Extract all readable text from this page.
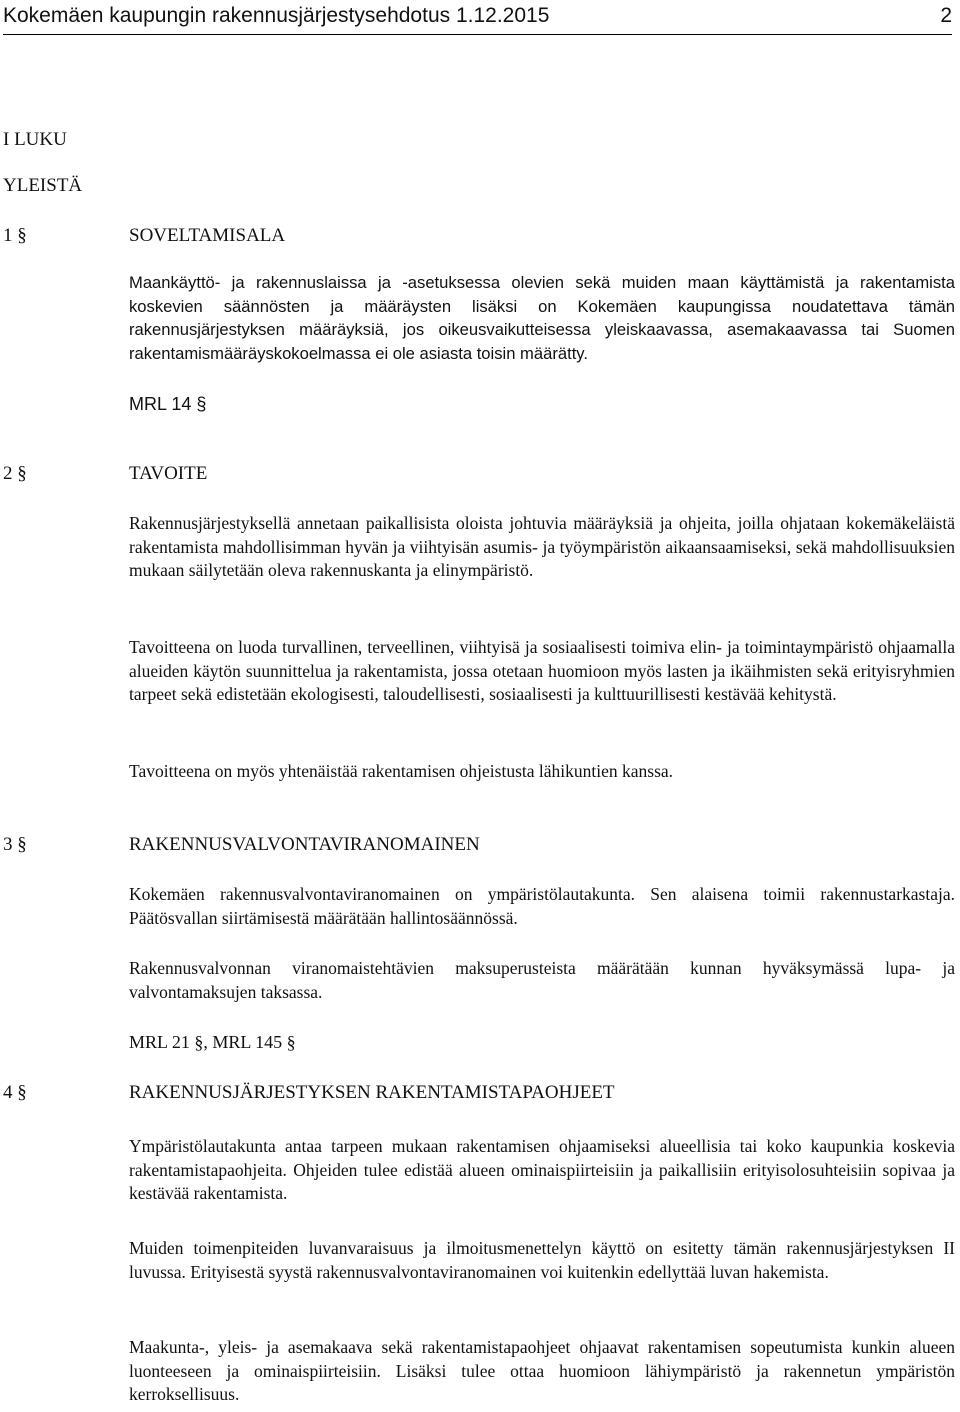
Kokemäen kaupungin rakennusjärjestysehdotus 1.12.2015	2
I LUKU
YLEISTÄ
1 §	SOVELTAMISALA
Maankäyttö- ja rakennuslaissa ja -asetuksessa olevien sekä muiden maan käyttämistä ja rakentamista koskevien säännösten ja määräysten lisäksi on Kokemäen kaupungissa noudatettava tämän rakennusjärjestyksen määräyksiä, jos oikeusvaikutteisessa yleiskaavassa, asemakaavassa tai Suomen rakentamismääräyskokoelmassa ei ole asiasta toisin määrätty.
MRL 14 §
2 §	TAVOITE
Rakennusjärjestyksellä annetaan paikallisista oloista johtuvia määräyksiä ja ohjeita, joilla ohjataan kokemäkeläistä rakentamista mahdollisimman hyvän ja viihtyisän asumis- ja työympäristön aikaansaamiseksi, sekä mahdollisuuksien mukaan säilytetään oleva rakennuskanta ja elinympäristö.
Tavoitteena on luoda turvallinen, terveellinen, viihtyisä ja sosiaalisesti toimiva elin- ja toimintaympäristö ohjaamalla alueiden käytön suunnittelua ja rakentamista, jossa otetaan huomioon myös lasten ja ikäihmisten sekä erityisryhmien tarpeet sekä edistetään ekologisesti, taloudellisesti, sosiaalisesti ja kulttuurillisesti kestävää kehitystä.
Tavoitteena on myös yhtenäistää rakentamisen ohjeistusta lähikuntien kanssa.
3 §	RAKENNUSVALVONTAVIRANOMAINEN
Kokemäen rakennusvalvontaviranomainen on ympäristölautakunta. Sen alaisena toimii rakennustarkastaja. Päätösvallan siirtämisestä määrätään hallintosäännössä.
Rakennusvalvonnan viranomaistehtävien maksuperusteista määrätään kunnan hyväksymässä lupa- ja valvontamaksujen taksassa.
MRL 21 §, MRL 145 §
4 §	RAKENNUSJÄRJESTYKSEN RAKENTAMISTAPAOHJEET
Ympäristölautakunta antaa tarpeen mukaan rakentamisen ohjaamiseksi alueellisia tai koko kaupunkia koskevia rakentamistapaohjeita. Ohjeiden tulee edistää alueen ominaispiirteisiin ja paikallisiin erityisolosuhteisiin sopivaa ja kestävää rakentamista.
Muiden toimenpiteiden luvanvaraisuus ja ilmoitusmenettelyn käyttö on esitetty tämän rakennusjärjestyksen II luvussa. Erityisestä syystä rakennusvalvontaviranomainen voi kuitenkin edellyttää luvan hakemista.
Maakunta-, yleis- ja asemakaava sekä rakentamistapaohjeet ohjaavat rakentamisen sopeutumista kunkin alueen luonteeseen ja ominaispiirteisiin. Lisäksi tulee ottaa huomioon lähiympäristö ja rakennetun ympäristön kerroksellisuus.
